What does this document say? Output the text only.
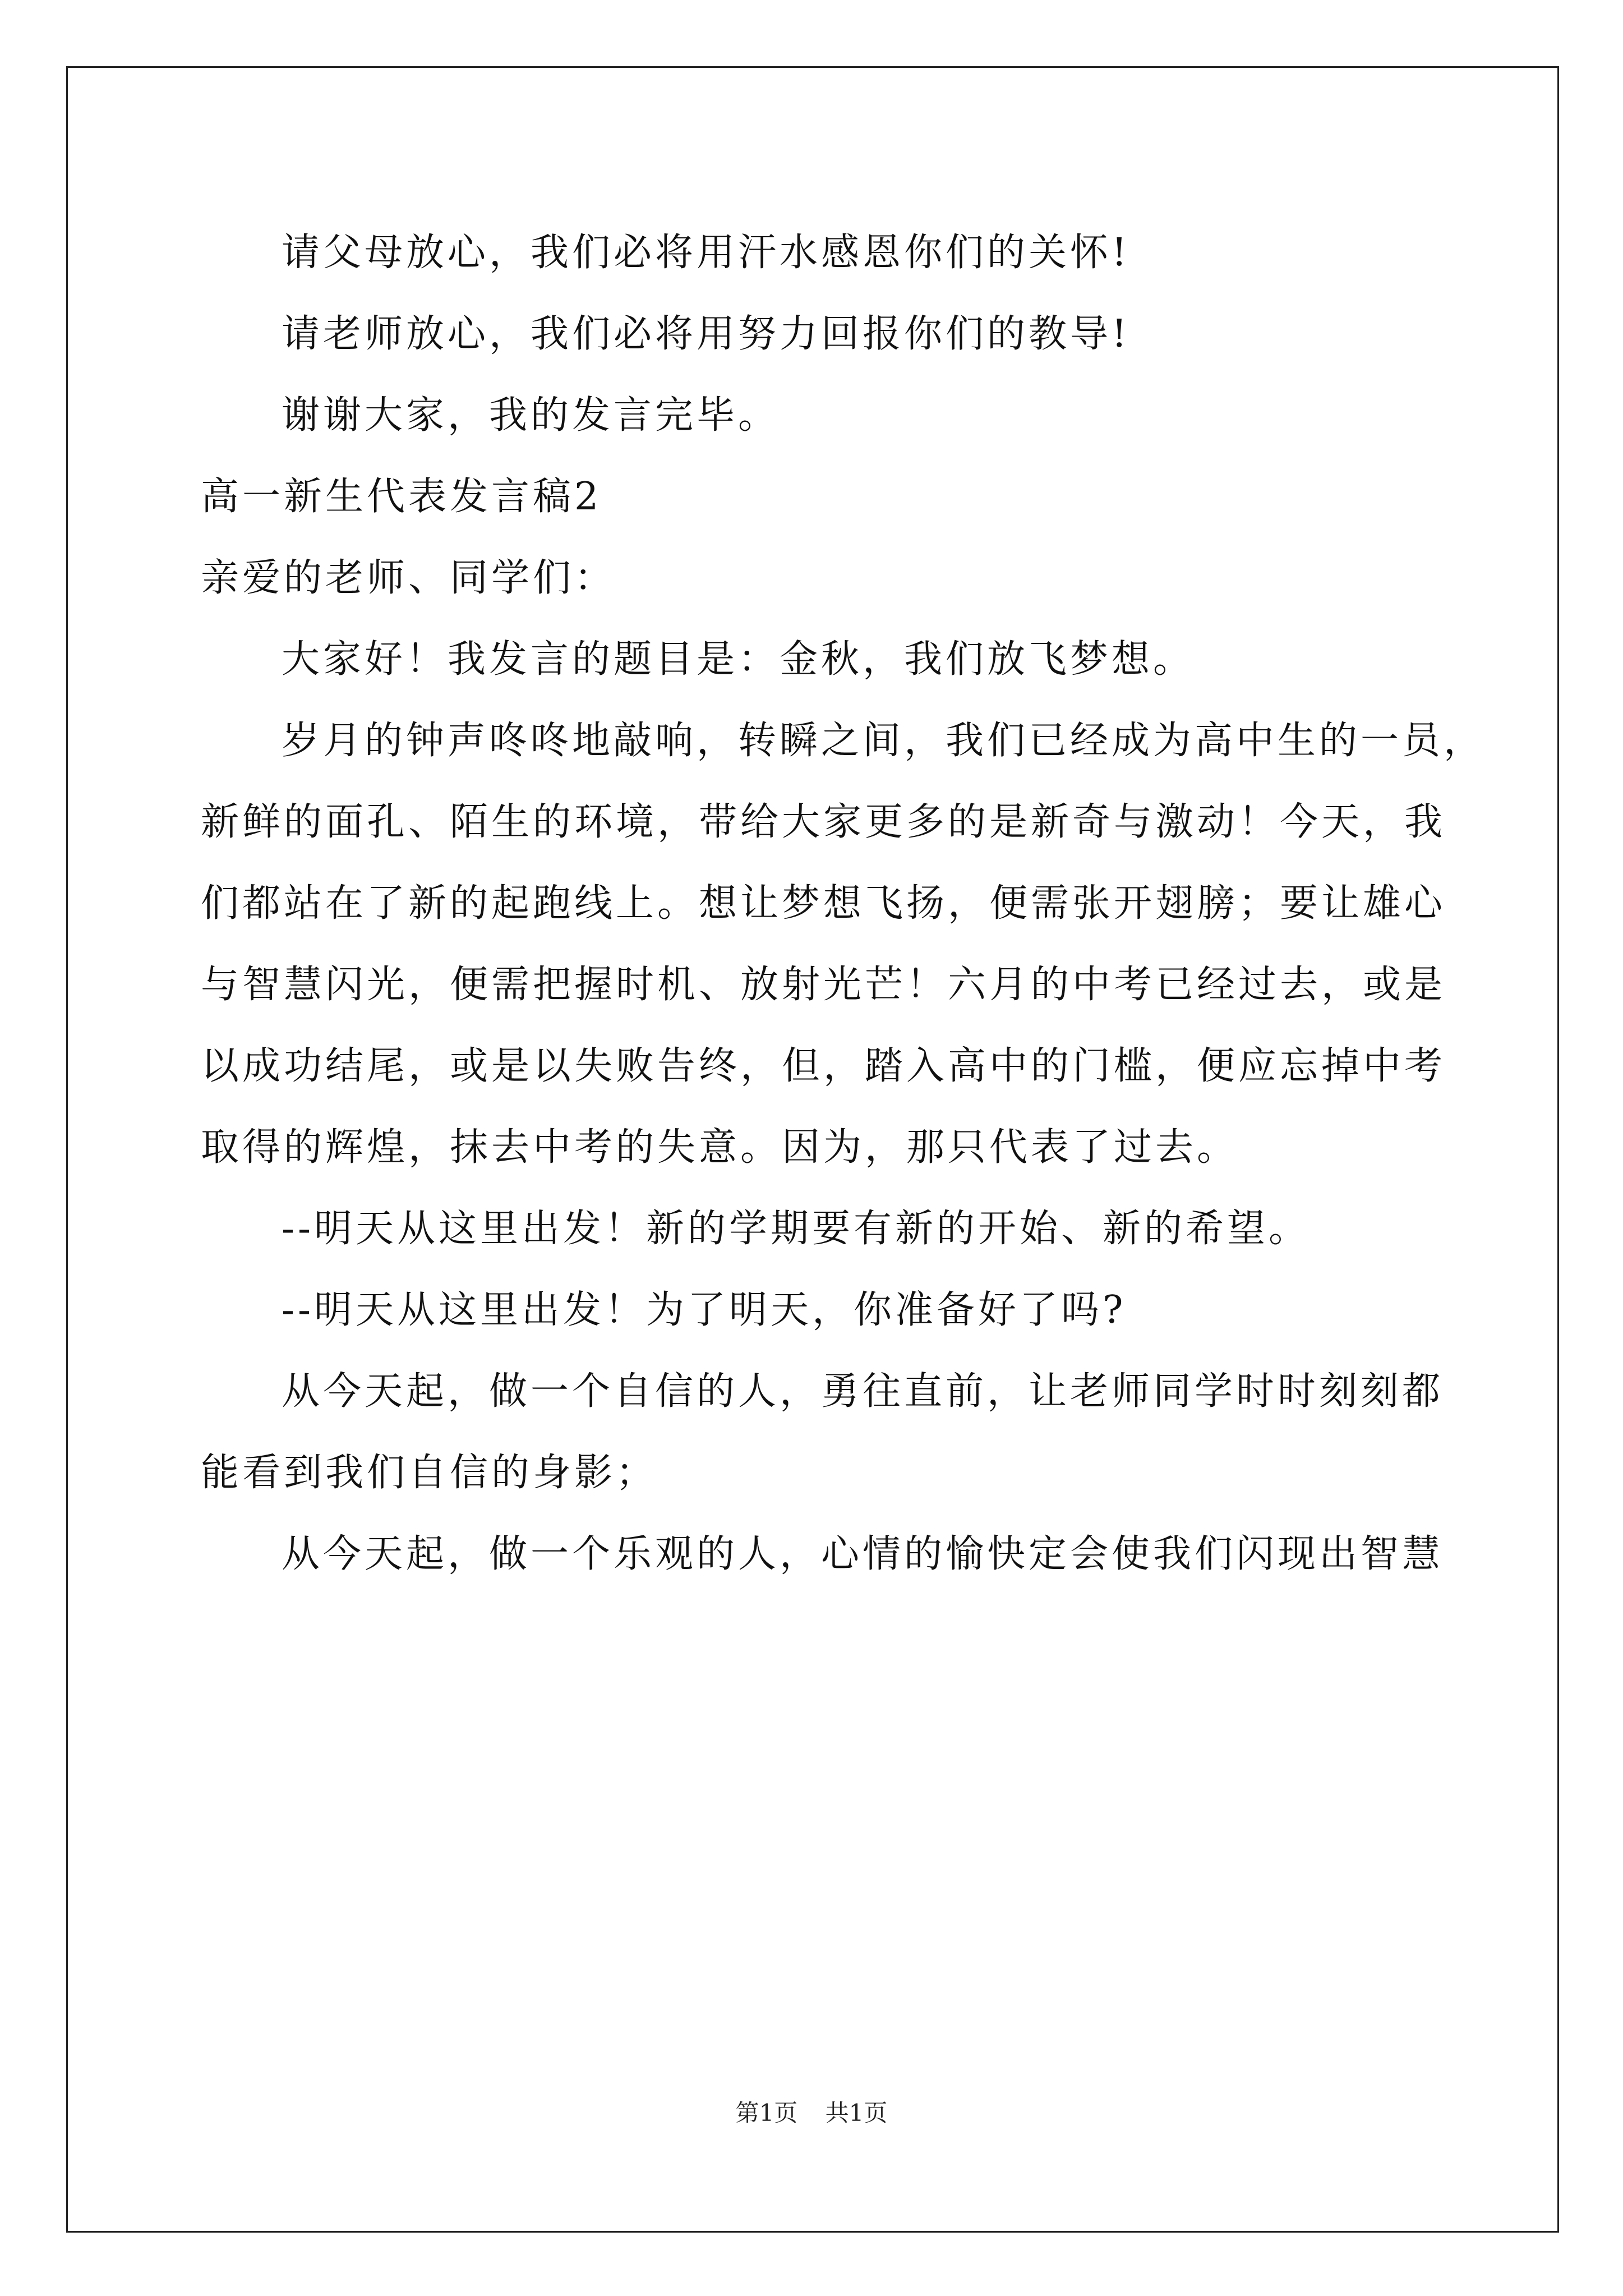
请父母放心，我们必将用汗水感恩你们的关怀!
请老师放心，我们必将用努力回报你们的教导!
谢谢大家，我的发言完毕。
高一新生代表发言稿2
亲爱的老师、同学们：
大家好！我发言的题目是：金秋，我们放飞梦想。
岁月的钟声咚咚地敲响，转瞬之间，我们已经成为高中生的一员，
新鲜的面孔、陌生的环境，带给大家更多的是新奇与激动！今天，我
们都站在了新的起跑线上。想让梦想飞扬，便需张开翅膀；要让雄心
与智慧闪光，便需把握时机、放射光芒！六月的中考已经过去，或是
以成功结尾，或是以失败告终，但，踏入高中的门槛，便应忘掉中考
取得的辉煌，抹去中考的失意。因为，那只代表了过去。
--明天从这里出发！新的学期要有新的开始、新的希望。
--明天从这里出发！为了明天，你准备好了吗?
从今天起，做一个自信的人，勇往直前，让老师同学时时刻刻都
能看到我们自信的身影；
从今天起，做一个乐观的人，心情的愉快定会使我们闪现出智慧
第1页 共1页
